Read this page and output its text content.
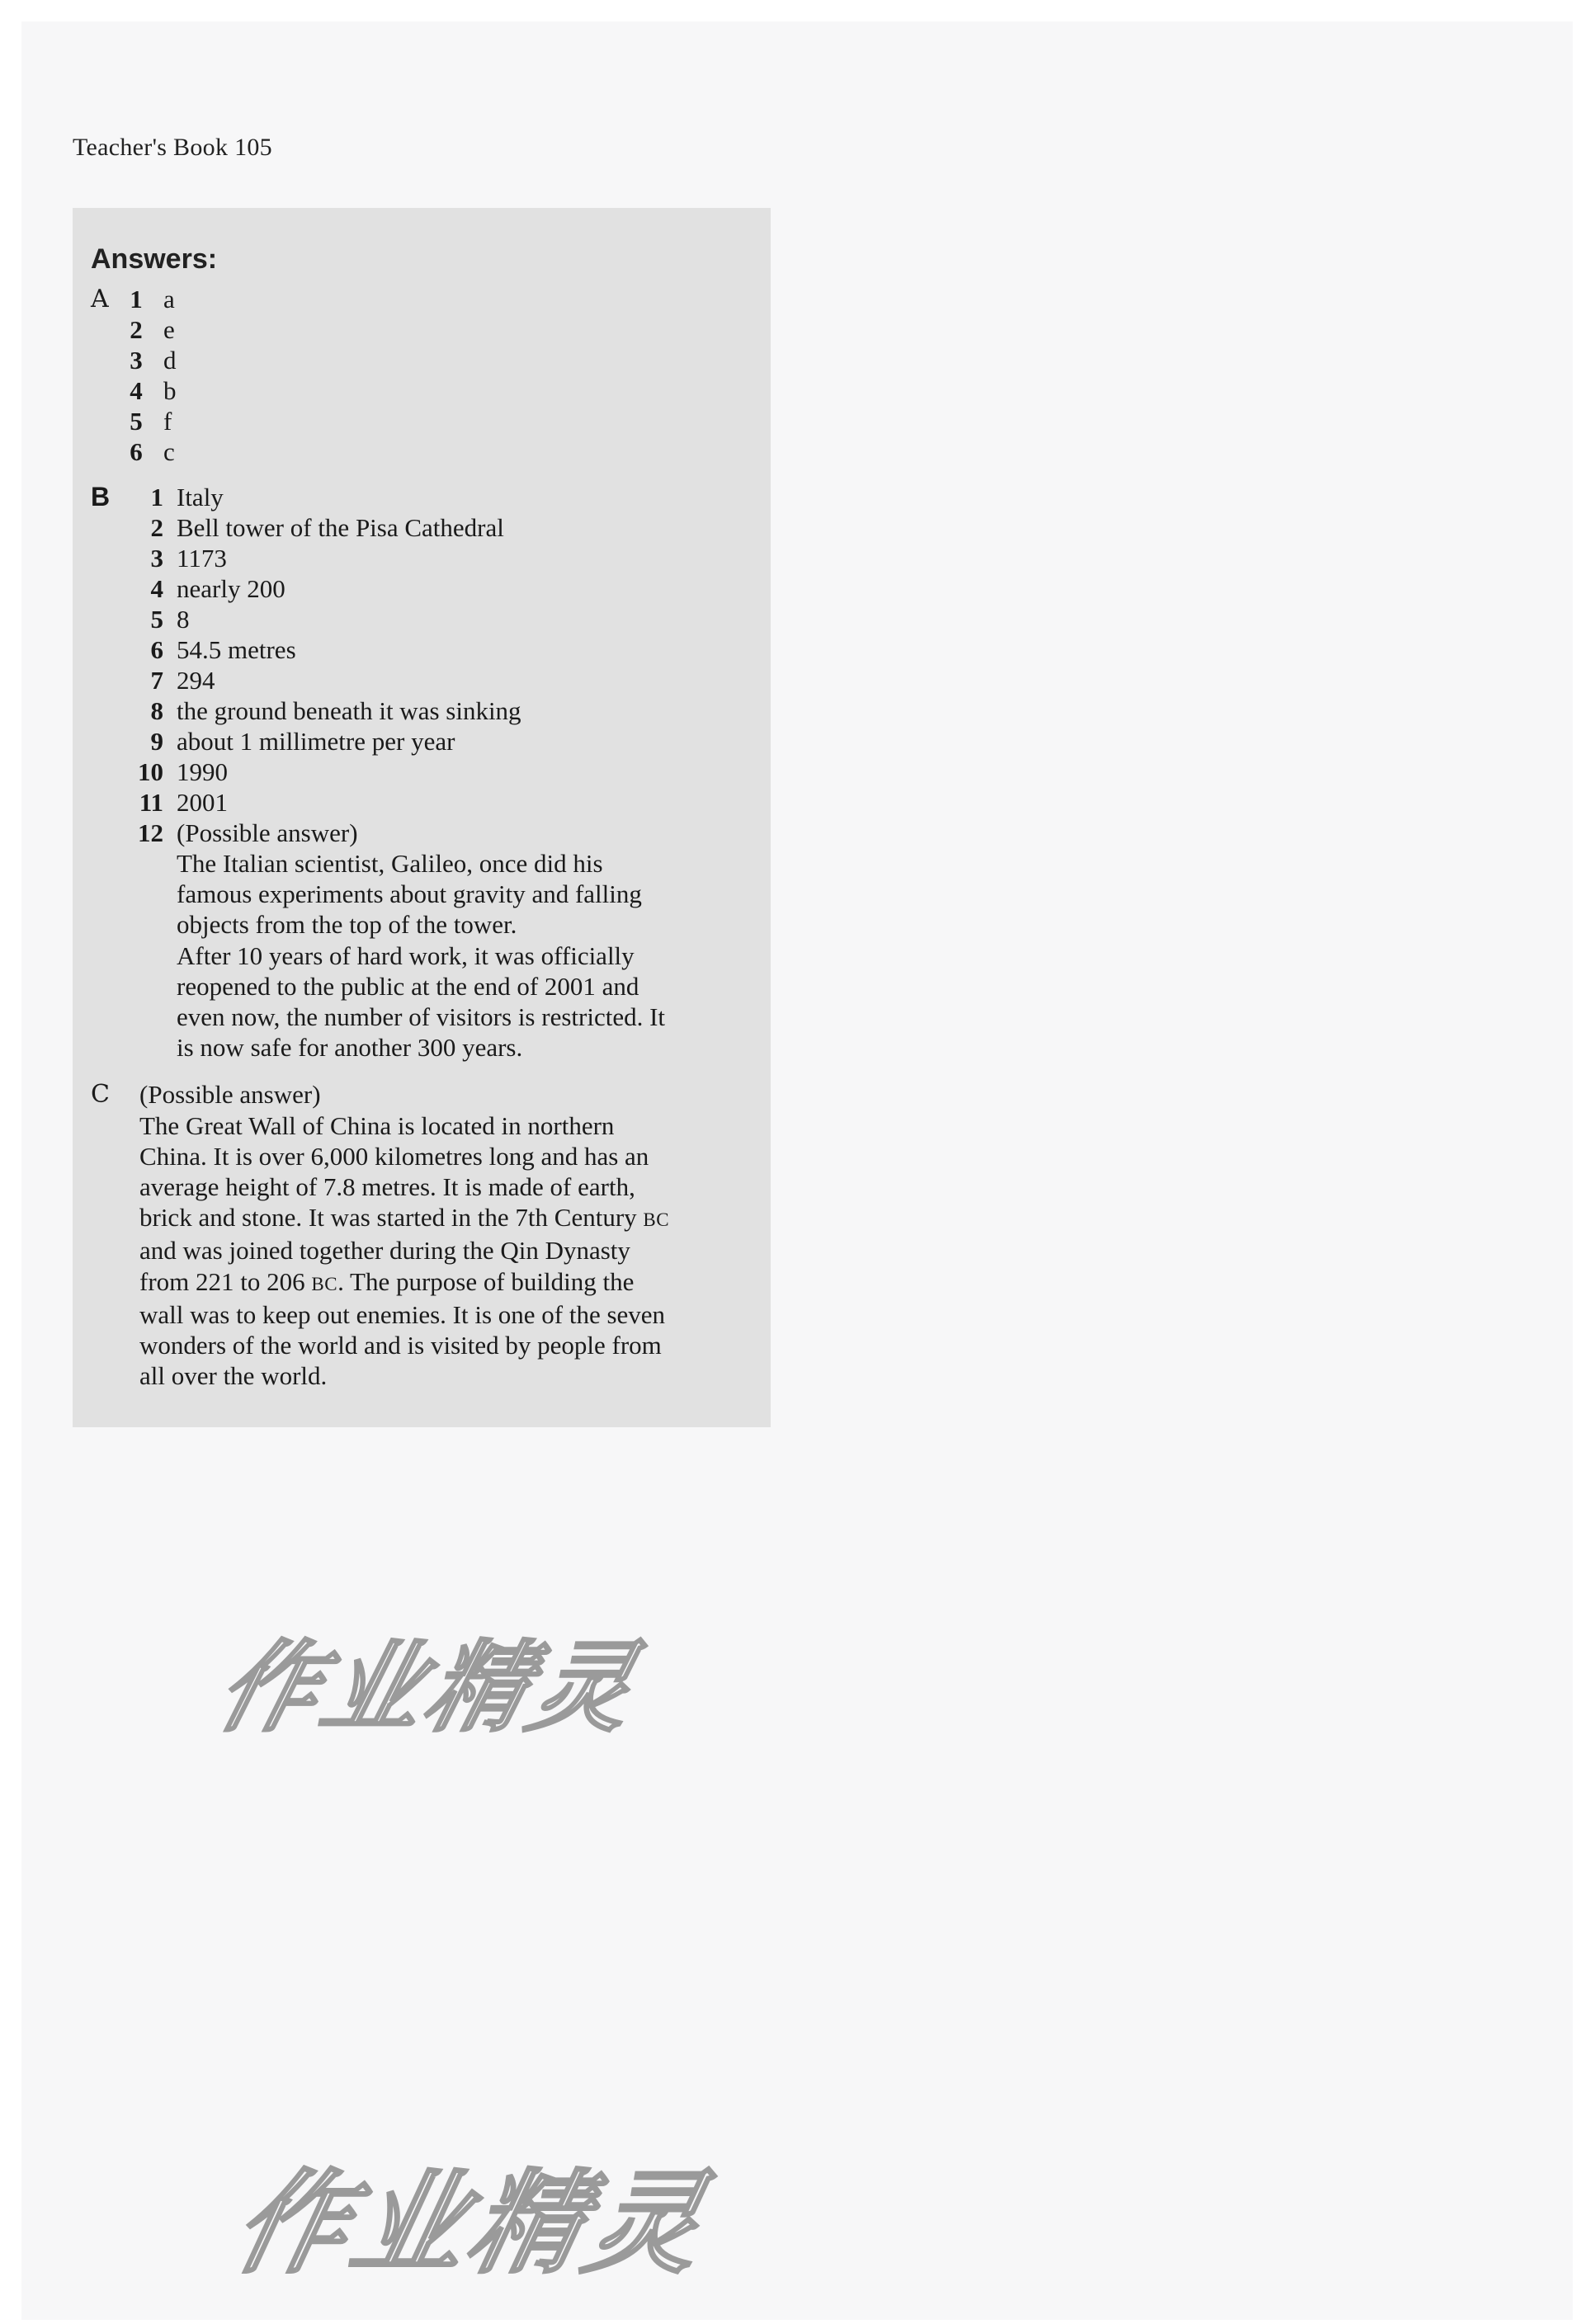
Teacher's Book 105
Answers:
A 1 a
2 e
3 d
4 b
5 f
6 c
B	1 Italy
2 Bell tower of the Pisa Cathedral
3 1173
4 nearly 200
5 8
6 54.5 metres
7 294
8 the ground beneath it was sinking
9 about 1 millimetre per year
10 1990
11 2001
12 (Possible answer)

The Italian scientist, Galileo, once did his

famous experiments about gravity and falling

objects from the top of the tower.

After 10 years of hard work, it was officially

reopened to the public at the end of 2001 and

even now, the number of visitors is restricted. It

is now safe for another 300 years.

C	(Possible answer)

The Great Wall of China is located in northern

China. It is over 6,000 kilometres long and has an

average height of 7.8 metres. It is made of earth,

brick and stone. It was started in the 7th Century BC

and was joined together during the Qin Dynasty

from 221 to 206 BC. The purpose of building the

wall was to keep out enemies. It is one of the seven

wonders of the world and is visited by people from

all over the world.

作业精灵
作业精灵
